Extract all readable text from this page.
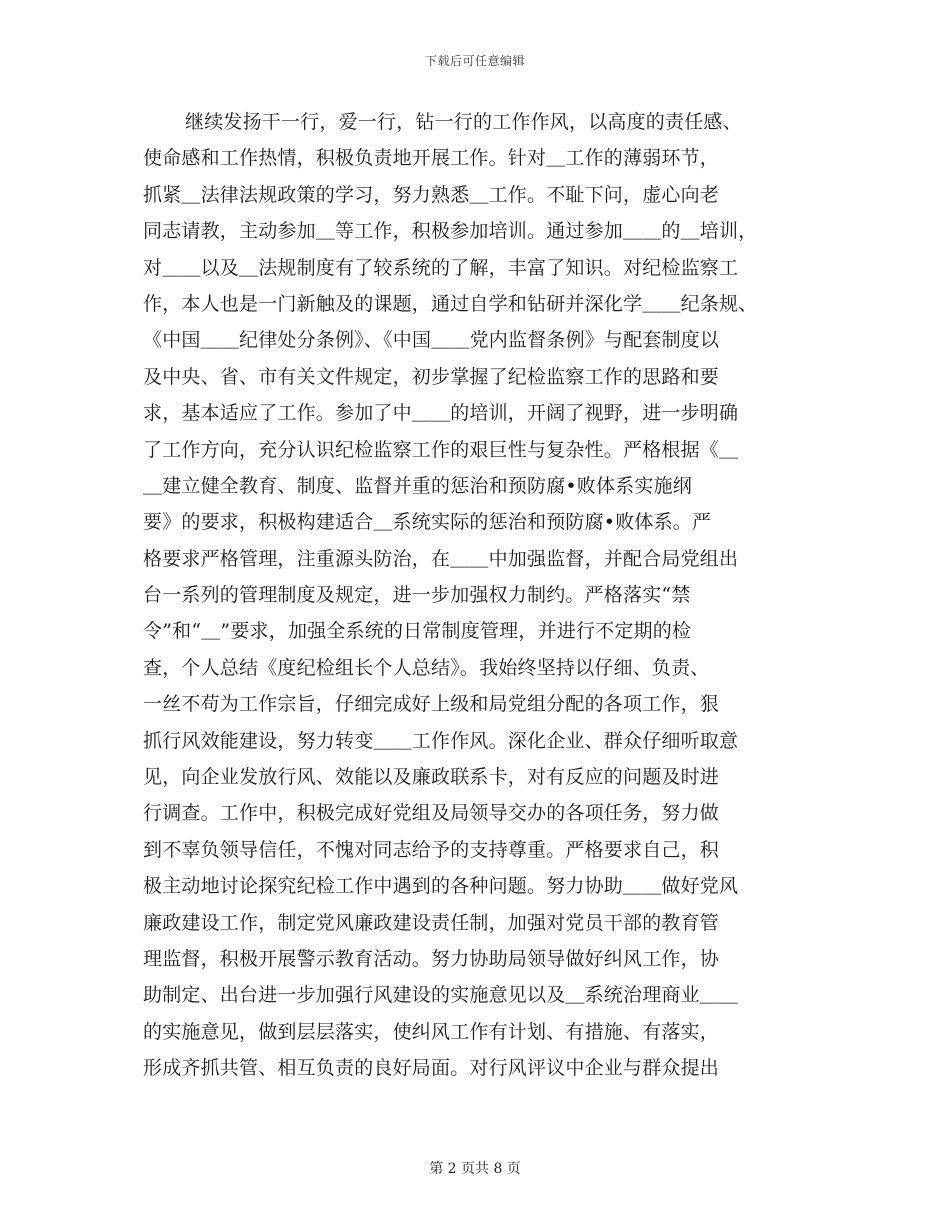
下载后可任意编辑
继续发扬干一行，爱一行，钻一行的工作作风，以高度的责任感、
使命感和工作热情，积极负责地开展工作。针对＿工作的薄弱环节，
抓紧＿法律法规政策的学习，努力熟悉＿工作。不耻下问，虚心向老
同志请教，主动参加＿等工作，积极参加培训。通过参加＿＿的＿培训，
对＿＿以及＿法规制度有了较系统的了解，丰富了知识。对纪检监察工
作，本人也是一门新触及的课题，通过自学和钻研并深化学＿＿纪条规、
《中国＿＿纪律处分条例》、《中国＿＿党内监督条例》与配套制度以
及中央、省、市有关文件规定，初步掌握了纪检监察工作的思路和要
求，基本适应了工作。参加了中＿＿的培训，开阔了视野，进一步明确
了工作方向，充分认识纪检监察工作的艰巨性与复杂性。严格根据《＿
＿建立健全教育、制度、监督并重的惩治和预防腐•败体系实施纲
要》的要求，积极构建适合＿系统实际的惩治和预防腐•败体系。严
格要求严格管理，注重源头防治，在＿＿中加强监督，并配合局党组出
台一系列的管理制度及规定，进一步加强权力制约。严格落实“禁
令”和“＿”要求，加强全系统的日常制度管理，并进行不定期的检
查，个人总结《度纪检组长个人总结》。我始终坚持以仔细、负责、
一丝不苟为工作宗旨，仔细完成好上级和局党组分配的各项工作，狠
抓行风效能建设，努力转变＿＿工作作风。深化企业、群众仔细听取意
见，向企业发放行风、效能以及廉政联系卡，对有反应的问题及时进
行调查。工作中，积极完成好党组及局领导交办的各项任务，努力做
到不辜负领导信任，不愧对同志给予的支持尊重。严格要求自己，积
极主动地讨论探究纪检工作中遇到的各种问题。努力协助＿＿做好党风
廉政建设工作，制定党风廉政建设责任制，加强对党员干部的教育管
理监督，积极开展警示教育活动。努力协助局领导做好纠风工作，协
助制定、出台进一步加强行风建设的实施意见以及＿系统治理商业＿＿
的实施意见，做到层层落实，使纠风工作有计划、有措施、有落实，
形成齐抓共管、相互负责的良好局面。对行风评议中企业与群众提出
第 2 页共 8 页
